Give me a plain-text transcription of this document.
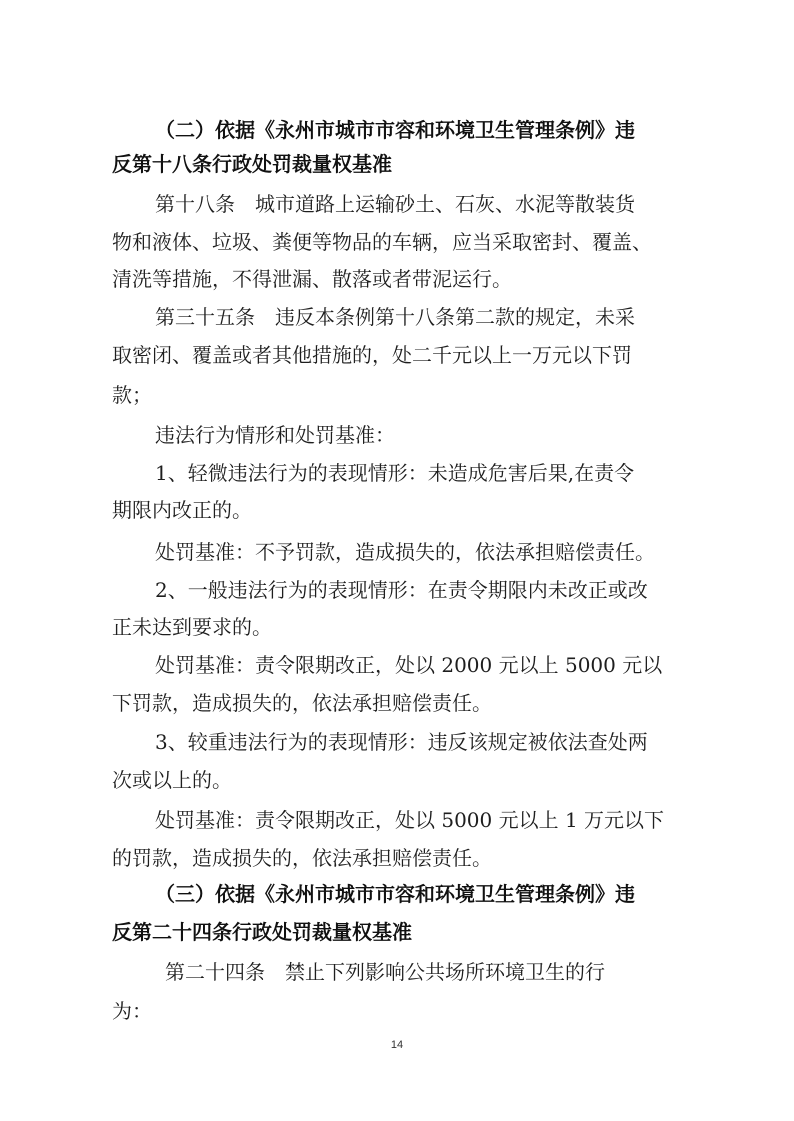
（二）依据《永州市城市市容和环境卫生管理条例》违
反第十八条行政处罚裁量权基准
第十八条　城市道路上运输砂土、石灰、水泥等散装货
物和液体、垃圾、粪便等物品的车辆，应当采取密封、覆盖、
清洗等措施，不得泄漏、散落或者带泥运行。
第三十五条　违反本条例第十八条第二款的规定，未采
取密闭、覆盖或者其他措施的，处二千元以上一万元以下罚
款；
违法行为情形和处罚基准：
1、轻微违法行为的表现情形：未造成危害后果,在责令
期限内改正的。
处罚基准：不予罚款，造成损失的，依法承担赔偿责任。
2、一般违法行为的表现情形：在责令期限内未改正或改
正未达到要求的。
处罚基准：责令限期改正，处以 2000 元以上 5000 元以
下罚款，造成损失的，依法承担赔偿责任。
3、较重违法行为的表现情形：违反该规定被依法查处两
次或以上的。
处罚基准：责令限期改正，处以 5000 元以上 1 万元以下
的罚款，造成损失的，依法承担赔偿责任。
（三）依据《永州市城市市容和环境卫生管理条例》违
反第二十四条行政处罚裁量权基准
第二十四条　禁止下列影响公共场所环境卫生的行
为：
14
